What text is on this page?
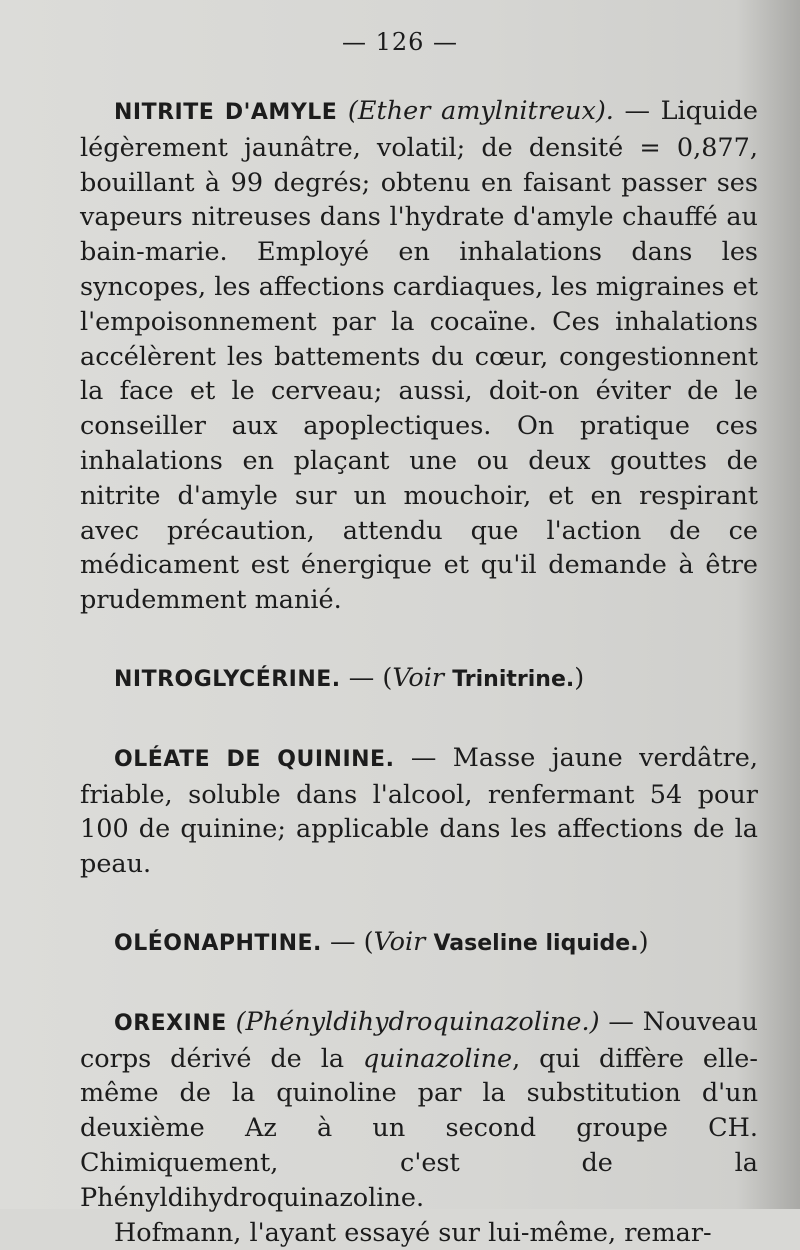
— 126 —

NITRITE D'AMYLE (Ether amylnitreux). — Liquide légèrement jaunâtre, volatil; de densité = 0,877, bouillant à 99 degrés; obtenu en faisant passer ses vapeurs nitreuses dans l'hydrate d'amyle chauffé au bain-marie. Employé en inhalations dans les syncopes, les affections cardiaques, les migraines et l'empoisonnement par la cocaïne. Ces inhalations accélèrent les battements du cœur, congestionnent la face et le cerveau; aussi, doit-on éviter de le conseiller aux apoplectiques. On pratique ces inhalations en plaçant une ou deux gouttes de nitrite d'amyle sur un mouchoir, et en respirant avec précaution, attendu que l'action de ce médicament est énergique et qu'il demande à être prudemment manié.

NITROGLYCÉRINE. — (Voir Trinitrine.)

OLÉATE DE QUININE. — Masse jaune verdâtre, friable, soluble dans l'alcool, renfermant 54 pour 100 de quinine; applicable dans les affections de la peau.

OLÉONAPHTINE. — (Voir Vaseline liquide.)

OREXINE (Phényldihydroquinazoline.) — Nouveau corps dérivé de la quinazoline, qui diffère elle-même de la quinoline par la substitution d'un deuxième Az à un second groupe CH. Chimiquement, c'est de la Phényldihydroquinazoline.

Hofmann, l'ayant essayé sur lui-même, remar-
